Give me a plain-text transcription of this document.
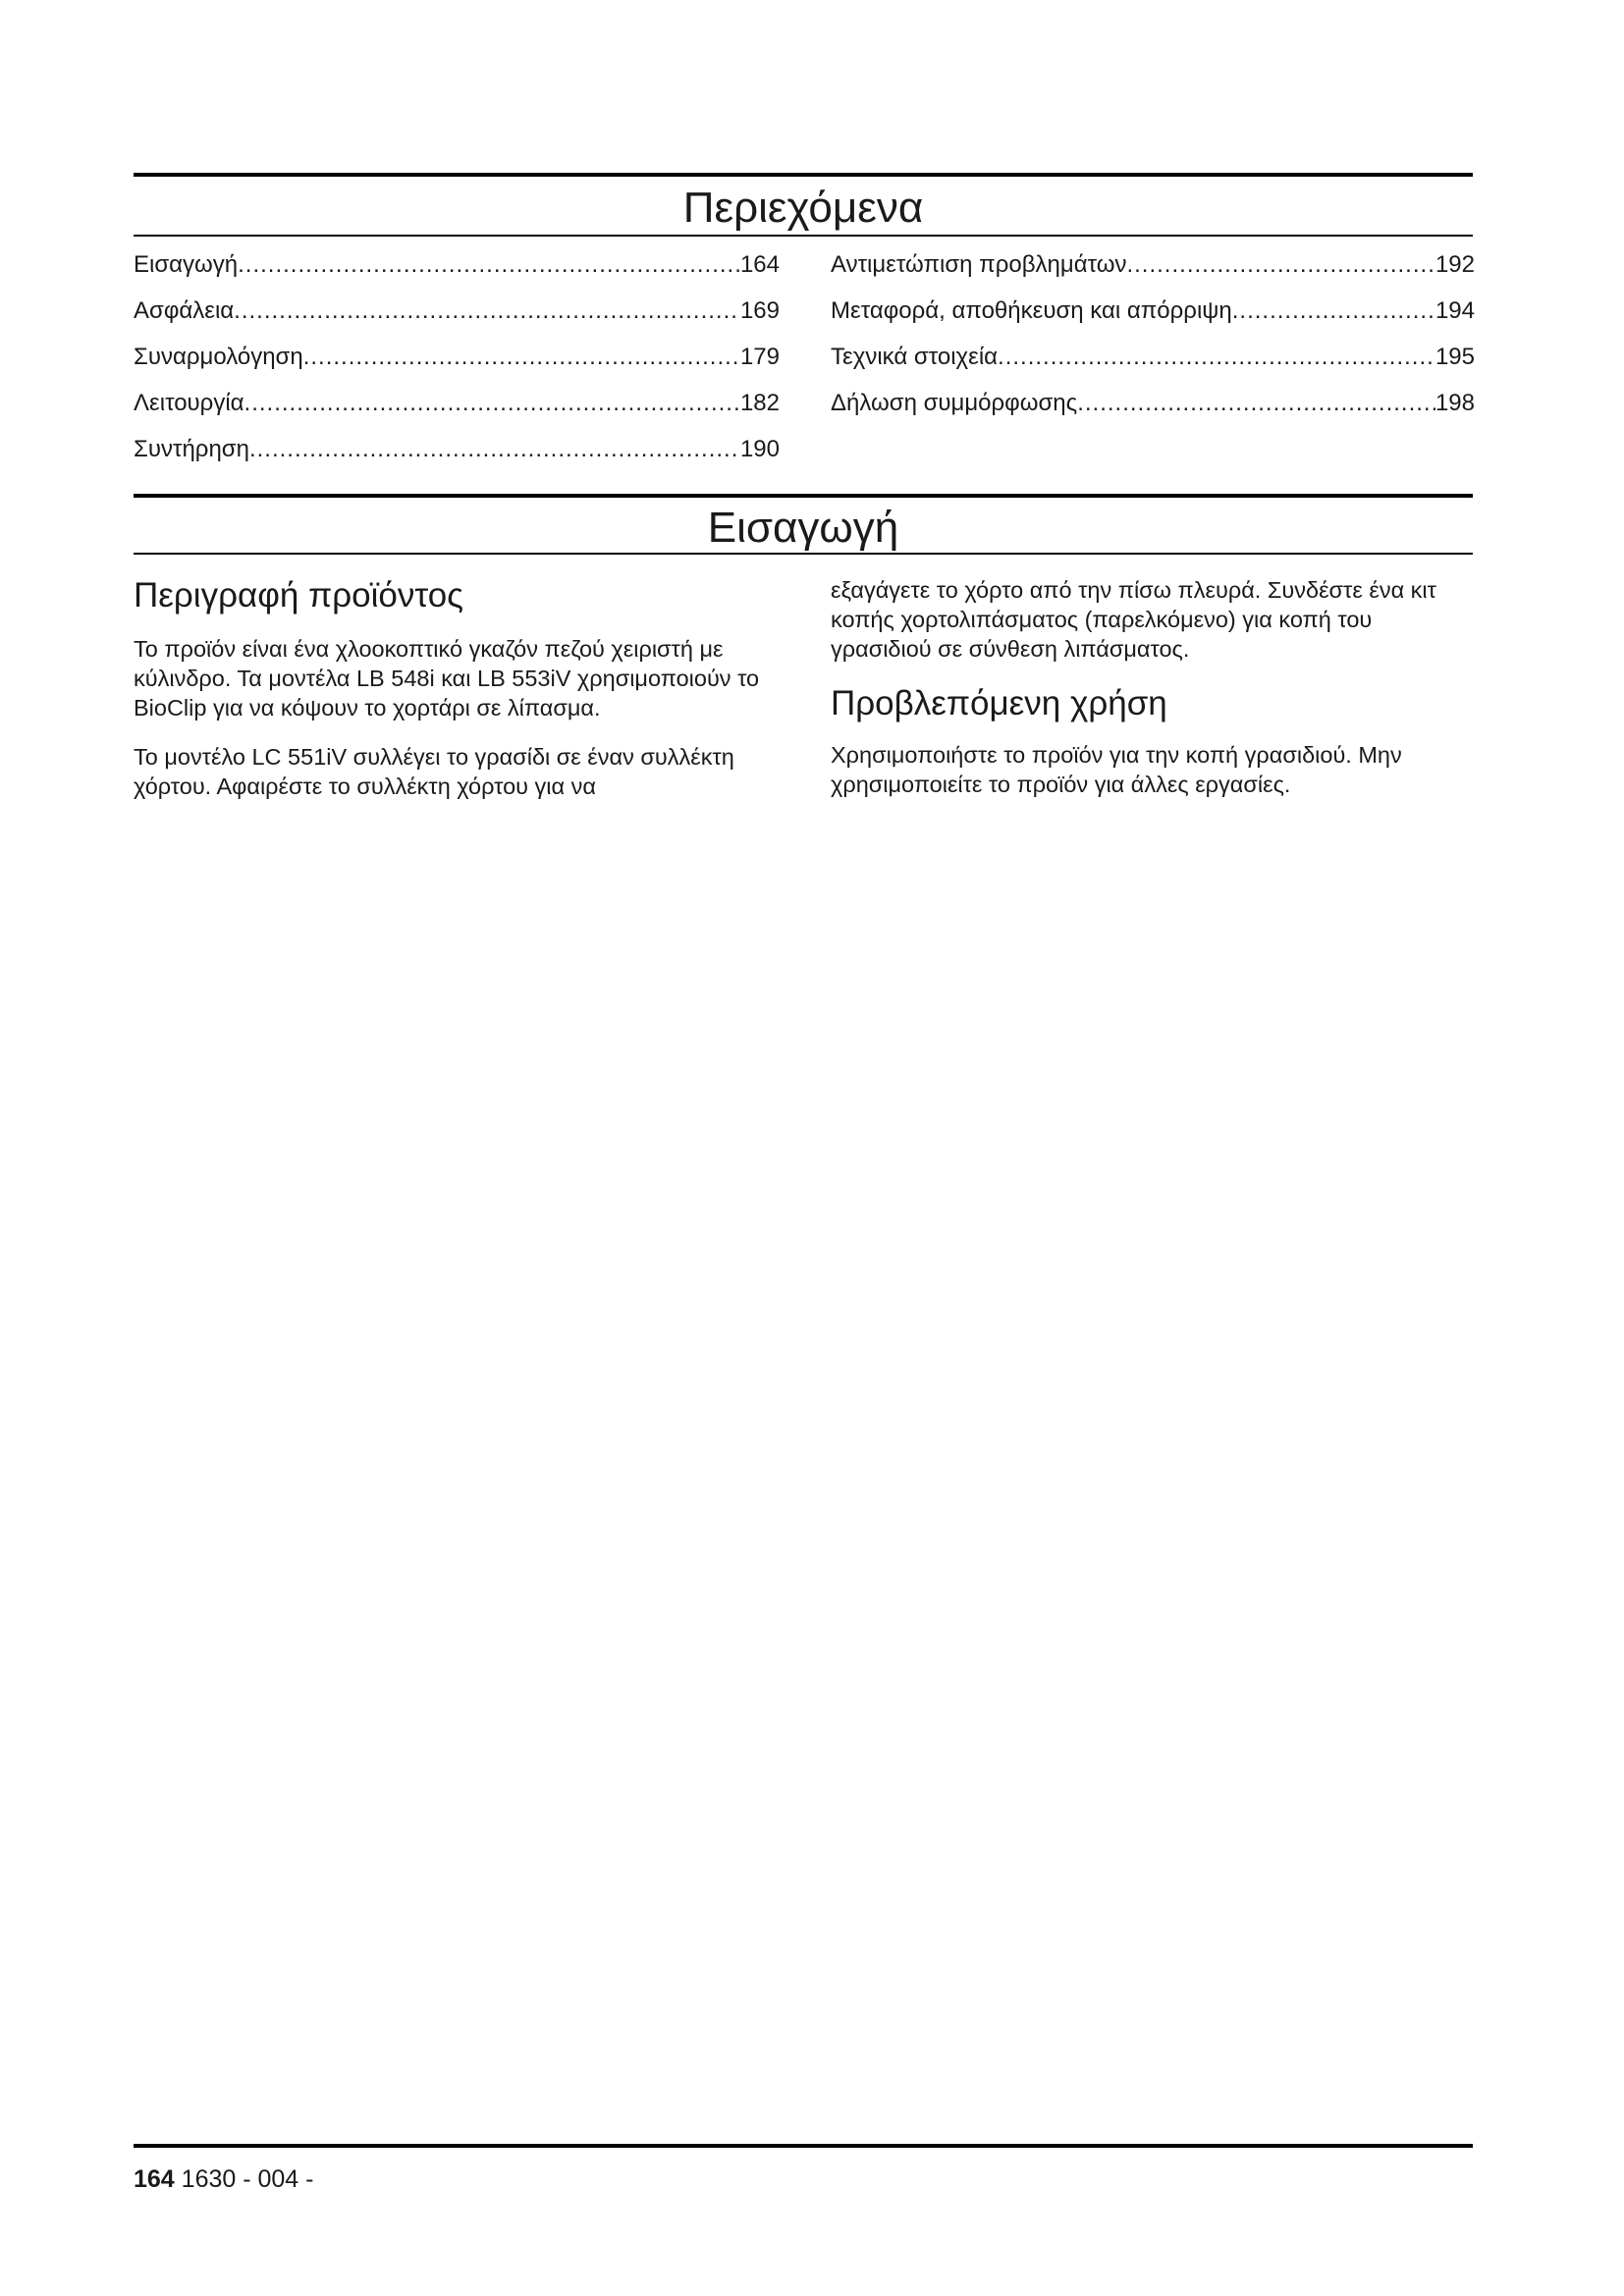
Περιεχόμενα
Εισαγωγή .....	164
Ασφάλεια .....	169
Συναρμολόγηση .....	179
Λειτουργία .....	182
Συντήρηση .....	190
Αντιμετώπιση προβλημάτων .....	192
Μεταφορά, αποθήκευση και απόρριψη .....	194
Τεχνικά στοιχεία .....	195
Δήλωση συμμόρφωσης .....	198
Εισαγωγή
Περιγραφή προϊόντος

Το προϊόν είναι ένα χλοοκοπτικό γκαζόν πεζού χειριστή με κύλινδρο. Τα μοντέλα LB 548i και LB 553iV χρησιμοποιούν το BioClip για να κόψουν το χορτάρι σε λίπασμα.

Το μοντέλο LC 551iV συλλέγει το γρασίδι σε έναν συλλέκτη χόρτου. Αφαιρέστε το συλλέκτη χόρτου για να

εξαγάγετε το χόρτο από την πίσω πλευρά. Συνδέστε ένα κιτ κοπής χορτολιπάσματος (παρελκόμενο) για κοπή του γρασιδιού σε σύνθεση λιπάσματος.

Προβλεπόμενη χρήση

Χρησιμοποιήστε το προϊόν για την κοπή γρασιδιού. Μην χρησιμοποιείτε το προϊόν για άλλες εργασίες.

164 1630 - 004 -
